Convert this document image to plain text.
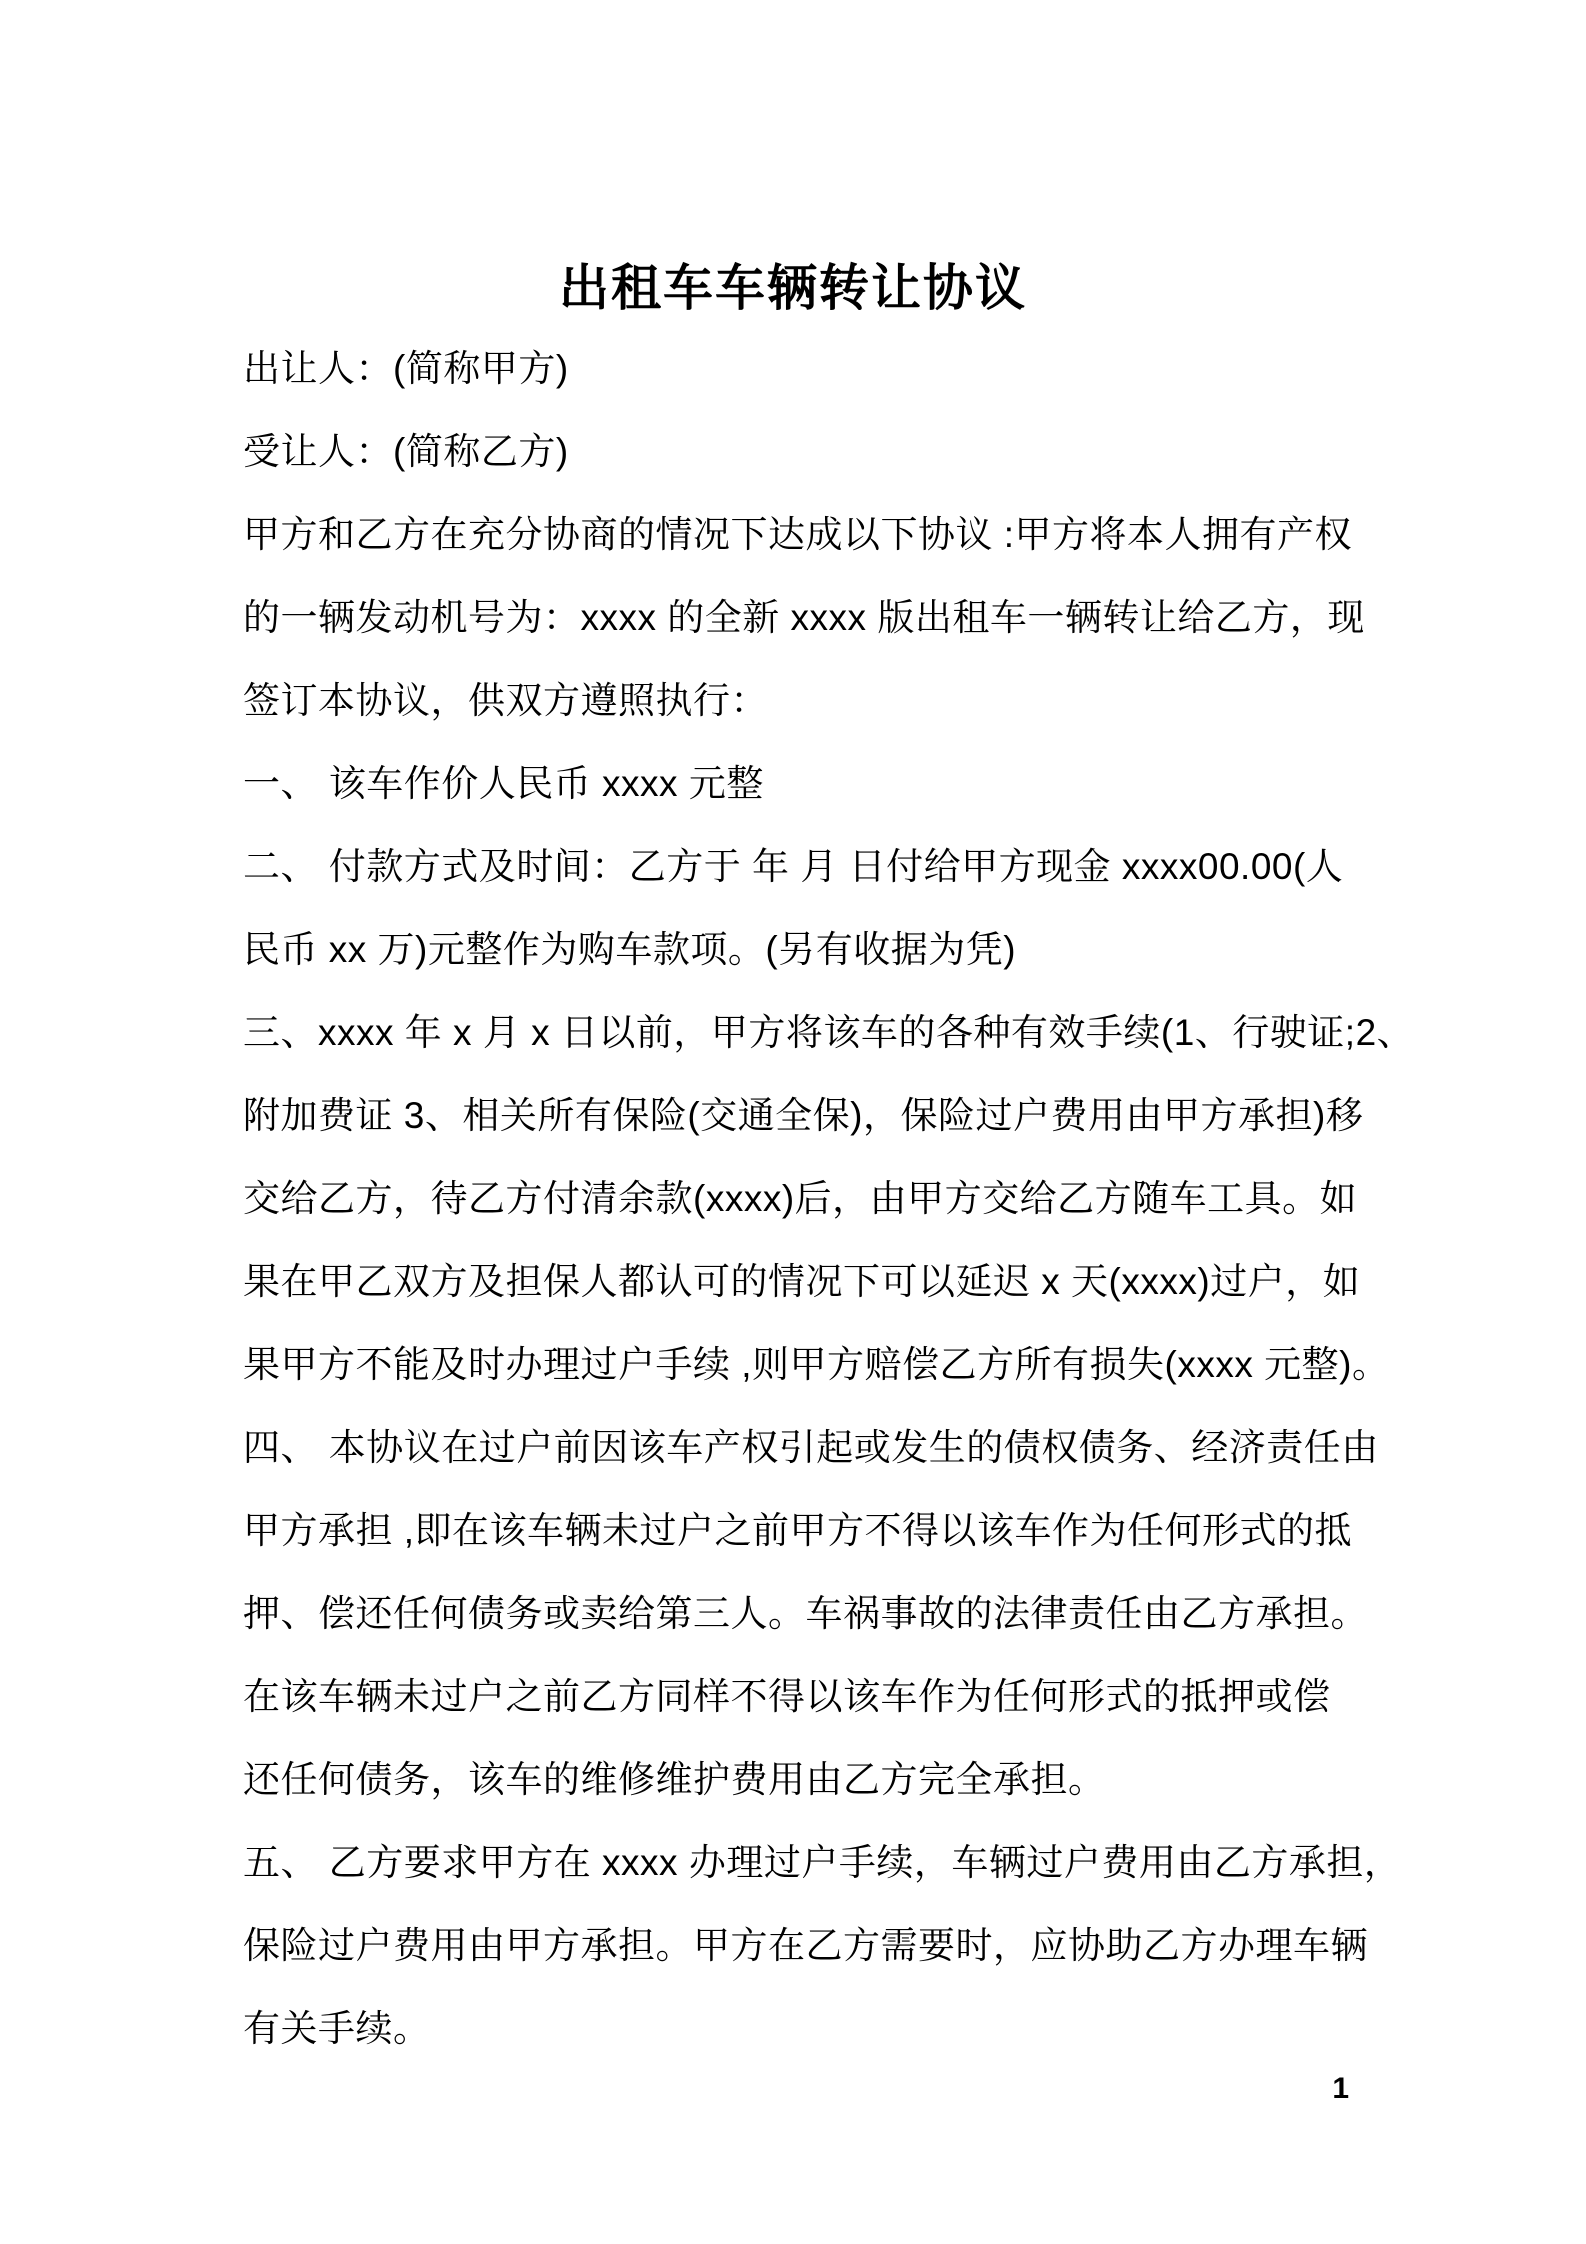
出租车车辆转让协议
出让人：(简称甲方)
受让人：(简称乙方)
甲方和乙方在充分协商的情况下达成以下协议 :甲方将本人拥有产权
的一辆发动机号为：xxxx 的全新 xxxx 版出租车一辆转让给乙方，现
签订本协议，供双方遵照执行：
一、 该车作价人民币 xxxx 元整
二、 付款方式及时间：乙方于 年 月 日付给甲方现金 xxxx00.00(人
民币 xx 万)元整作为购车款项。(另有收据为凭)
三、xxxx 年 x 月 x 日以前，甲方将该车的各种有效手续(1、行驶证;2、
附加费证 3、相关所有保险(交通全保)，保险过户费用由甲方承担)移
交给乙方，待乙方付清余款(xxxx)后，由甲方交给乙方随车工具。如
果在甲乙双方及担保人都认可的情况下可以延迟 x 天(xxxx)过户，如
果甲方不能及时办理过户手续 ,则甲方赔偿乙方所有损失(xxxx 元整)。
四、 本协议在过户前因该车产权引起或发生的债权债务、经济责任由
甲方承担 ,即在该车辆未过户之前甲方不得以该车作为任何形式的抵
押、偿还任何债务或卖给第三人。车祸事故的法律责任由乙方承担。
在该车辆未过户之前乙方同样不得以该车作为任何形式的抵押或偿
还任何债务，该车的维修维护费用由乙方完全承担。
五、 乙方要求甲方在 xxxx 办理过户手续，车辆过户费用由乙方承担，
保险过户费用由甲方承担。甲方在乙方需要时，应协助乙方办理车辆
有关手续。
1
